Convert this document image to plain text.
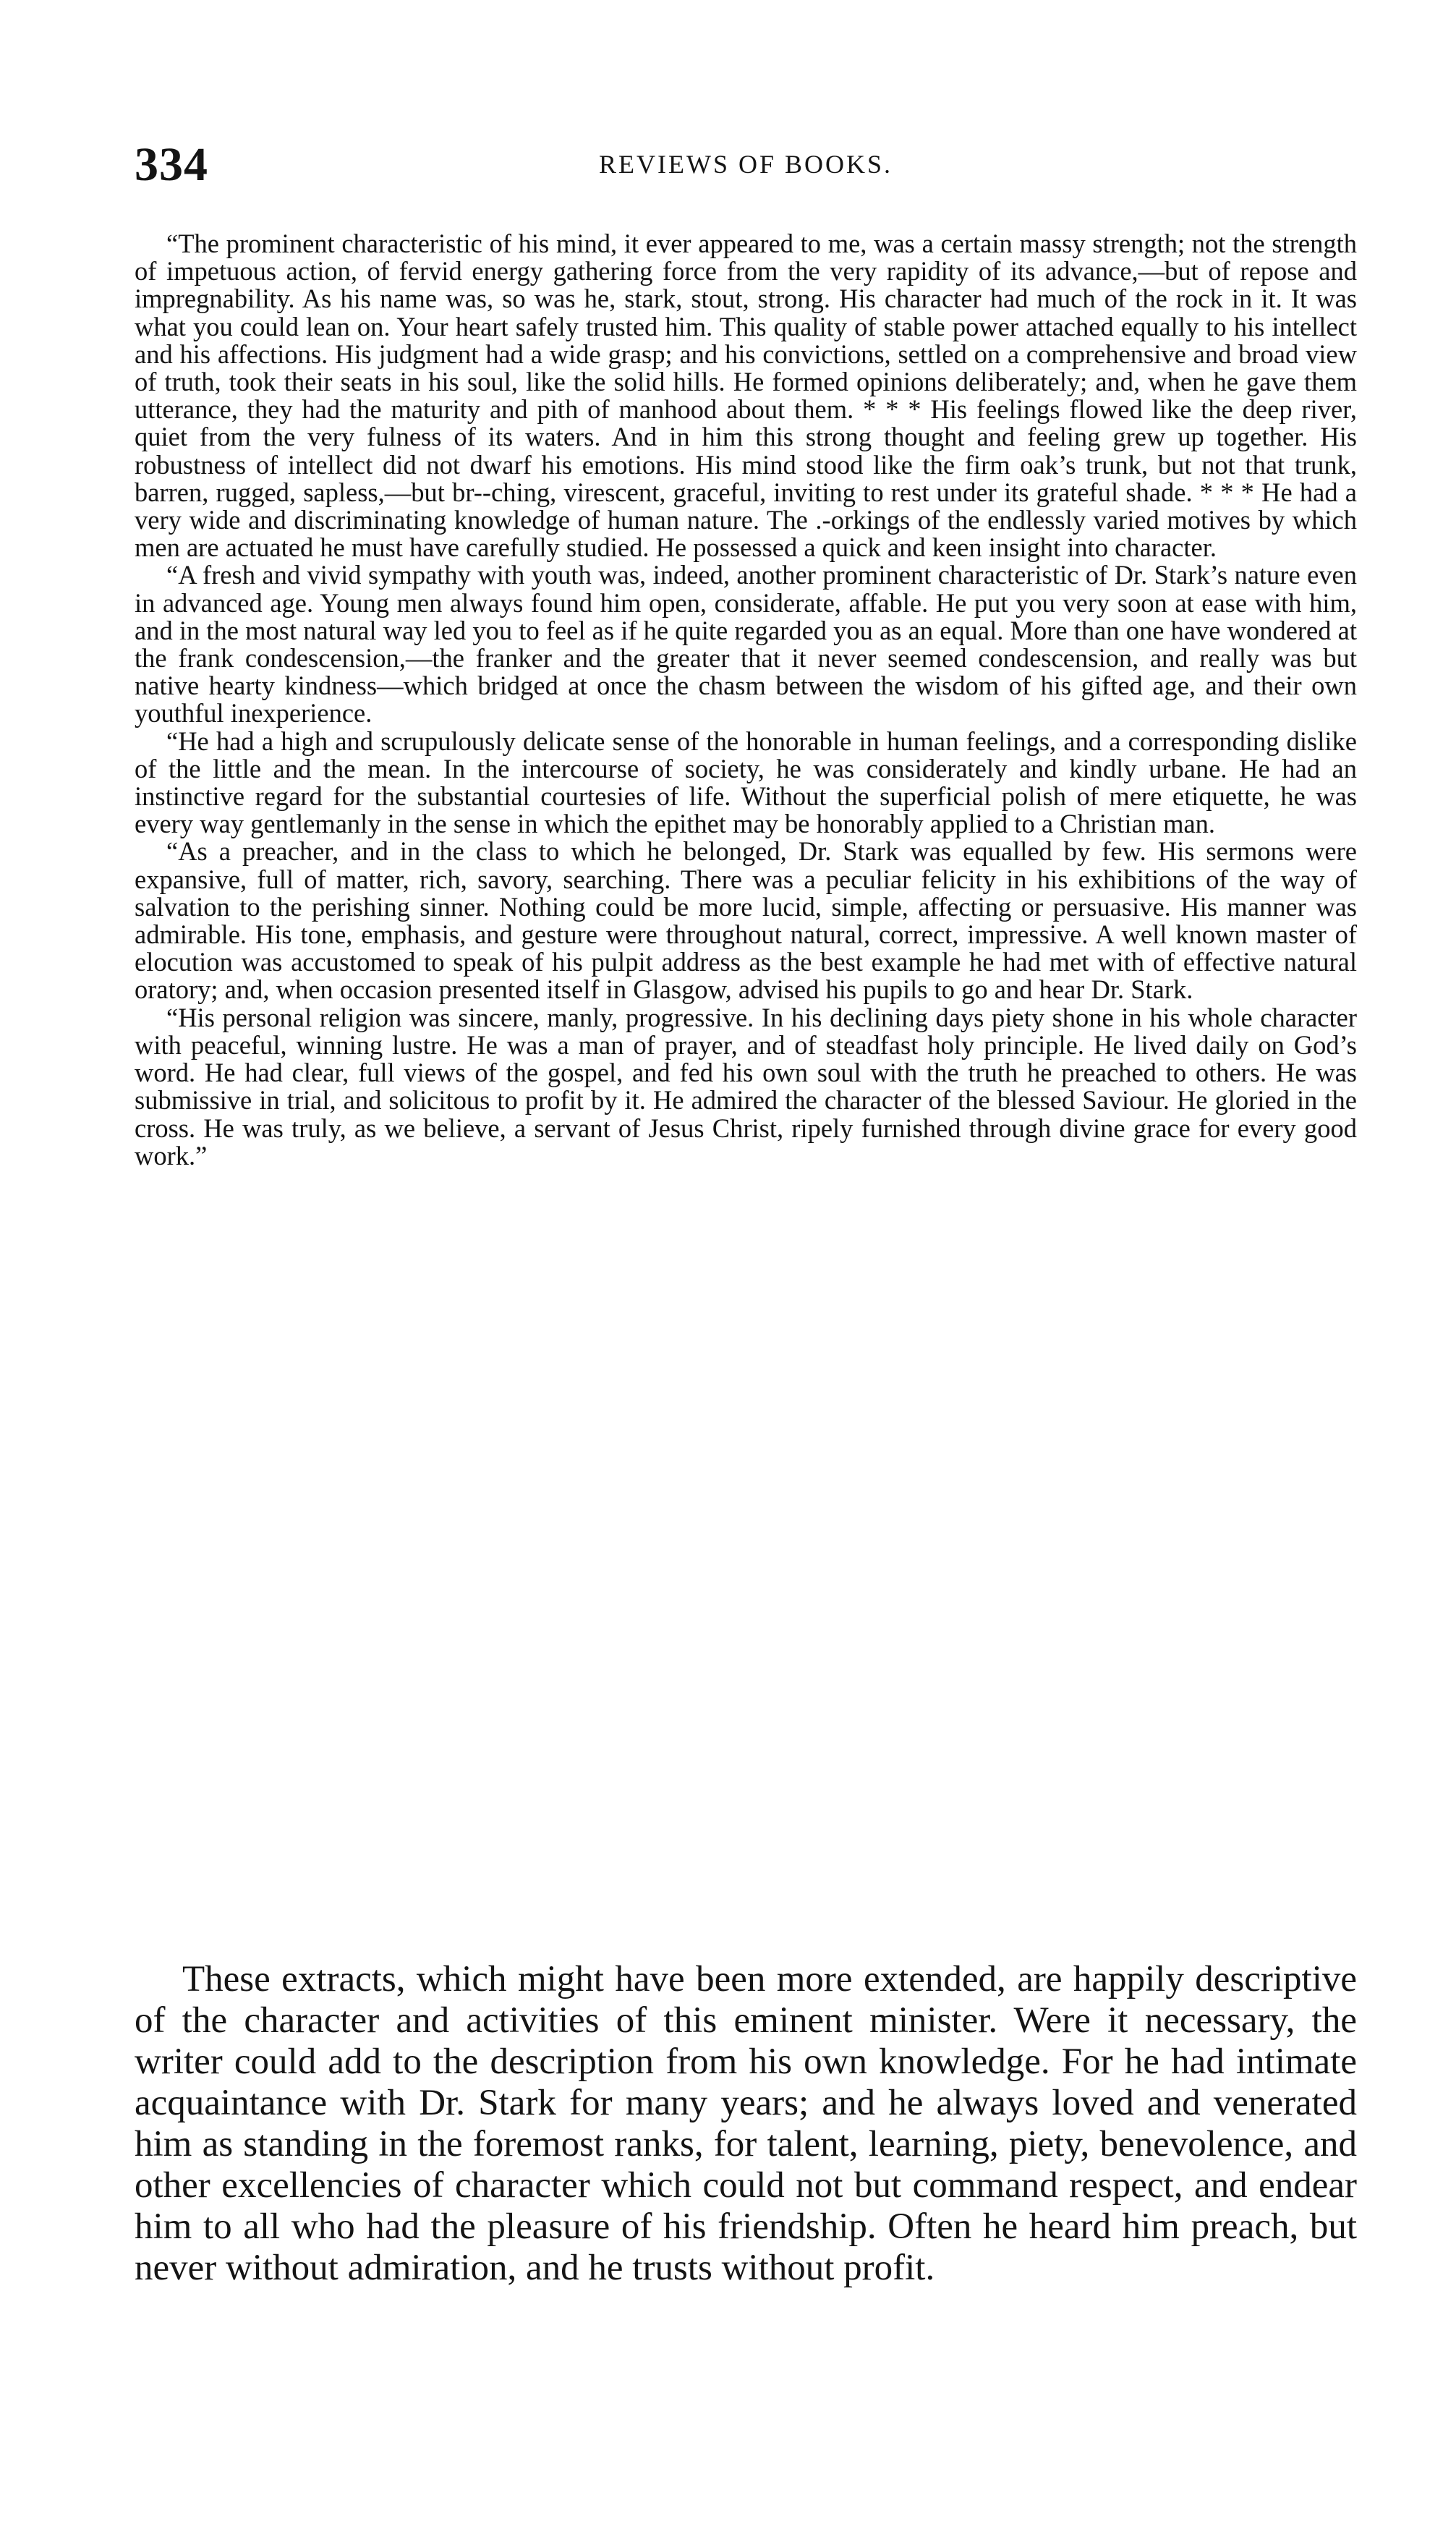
334	REVIEWS OF BOOKS.

“The prominent characteristic of his mind, it ever appeared to me, was a certain massy strength; not the strength of impetuous action, of fervid energy gathering force from the very rapidity of its advance,—but of repose and impregnability. As his name was, so was he, stark, stout, strong. His character had much of the rock in it. It was what you could lean on. Your heart safely trusted him. This quality of stable power attached equally to his intellect and his affections. His judgment had a wide grasp; and his convictions, settled on a comprehensive and broad view of truth, took their seats in his soul, like the solid hills. He formed opinions deliberately; and, when he gave them utterance, they had the maturity and pith of manhood about them. * * * His feelings flowed like the deep river, quiet from the very fulness of its waters. And in him this strong thought and feeling grew up together. His robustness of intellect did not dwarf his emotions. His mind stood like the firm oak’s trunk, but not that trunk, barren, rugged, sapless,—but br--ching, virescent, graceful, inviting to rest under its grateful shade. * * * He had a very wide and discriminating knowledge of human nature. The .-orkings of the endlessly varied motives by which men are actuated he must have carefully studied. He possessed a quick and keen insight into character.

“A fresh and vivid sympathy with youth was, indeed, another prominent characteristic of Dr. Stark’s nature even in advanced age. Young men always found him open, considerate, affable. He put you very soon at ease with him, and in the most natural way led you to feel as if he quite regarded you as an equal. More than one have wondered at the frank condescension,—the franker and the greater that it never seemed condescension, and really was but native hearty kindness—which bridged at once the chasm between the wisdom of his gifted age, and their own youthful inexperience.

“He had a high and scrupulously delicate sense of the honorable in human feelings, and a corresponding dislike of the little and the mean. In the intercourse of society, he was considerately and kindly urbane. He had an instinctive regard for the substantial courtesies of life. Without the superficial polish of mere etiquette, he was every way gentlemanly in the sense in which the epithet may be honorably applied to a Christian man.

“As a preacher, and in the class to which he belonged, Dr. Stark was equalled by few. His sermons were expansive, full of matter, rich, savory, searching. There was a peculiar felicity in his exhibitions of the way of salvation to the perishing sinner. Nothing could be more lucid, simple, affecting or persuasive. His manner was admirable. His tone, emphasis, and gesture were throughout natural, correct, impressive. A well known master of elocution was accustomed to speak of his pulpit address as the best example he had met with of effective natural oratory; and, when occasion presented itself in Glasgow, advised his pupils to go and hear Dr. Stark.

“His personal religion was sincere, manly, progressive. In his declining days piety shone in his whole character with peaceful, winning lustre. He was a man of prayer, and of steadfast holy principle. He lived daily on God’s word. He had clear, full views of the gospel, and fed his own soul with the truth he preached to others. He was submissive in trial, and solicitous to profit by it. He admired the character of the blessed Saviour. He gloried in the cross. He was truly, as we believe, a servant of Jesus Christ, ripely furnished through divine grace for every good work.”

These extracts, which might have been more extended, are happily descriptive of the character and activities of this eminent minister. Were it necessary, the writer could add to the description from his own knowledge. For he had intimate acquaintance with Dr. Stark for many years; and he always loved and venerated him as standing in the foremost ranks, for talent, learning, piety, benevolence, and other excellencies of character which could not but command respect, and endear him to all who had the pleasure of his friendship. Often he heard him preach, but never without admiration, and he trusts without profit.
